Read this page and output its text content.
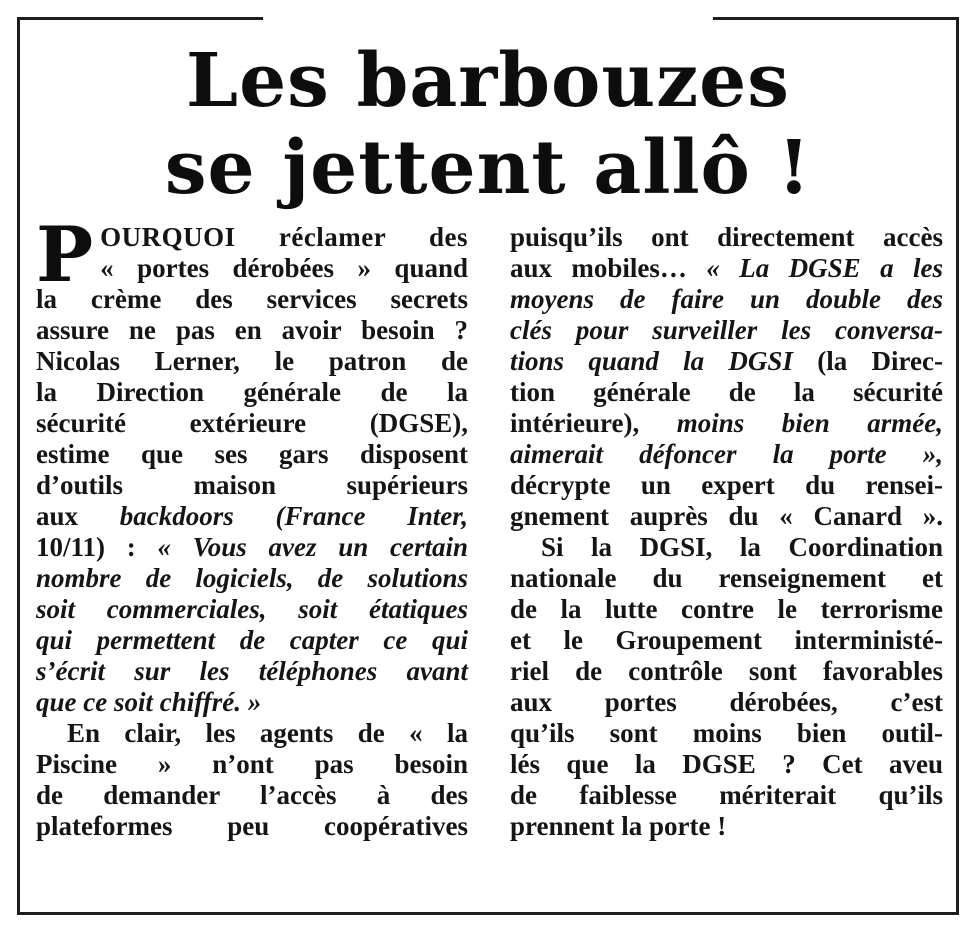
Les barbouzes
se jettent allô !
P OURQUOI réclamer des
« portes dérobées » quand
la crème des services secrets
assure ne pas en avoir besoin ?
Nicolas Lerner, le patron de
la Direction générale de la
sécurité extérieure (DGSE),
estime que ses gars disposent
d’outils maison supérieurs
aux backdoors (France Inter,
10/11) : « Vous avez un certain
nombre de logiciels, de solutions
soit commerciales, soit étatiques
qui permettent de capter ce qui
s’écrit sur les téléphones avant
que ce soit chiffré. »
En clair, les agents de « la
Piscine » n’ont pas besoin
de demander l’accès à des
plateformes peu coopératives
puisqu’ils ont directement accès
aux mobiles… « La DGSE a les
moyens de faire un double des
clés pour surveiller les conversa-
tions quand la DGSI (la Direc-
tion générale de la sécurité
intérieure), moins bien armée,
aimerait défoncer la porte »,
décrypte un expert du rensei-
gnement auprès du « Canard ».
Si la DGSI, la Coordination
nationale du renseignement et
de la lutte contre le terrorisme
et le Groupement interministé-
riel de contrôle sont favorables
aux portes dérobées, c’est
qu’ils sont moins bien outil-
lés que la DGSE ? Cet aveu
de faiblesse mériterait qu’ils
prennent la porte !
